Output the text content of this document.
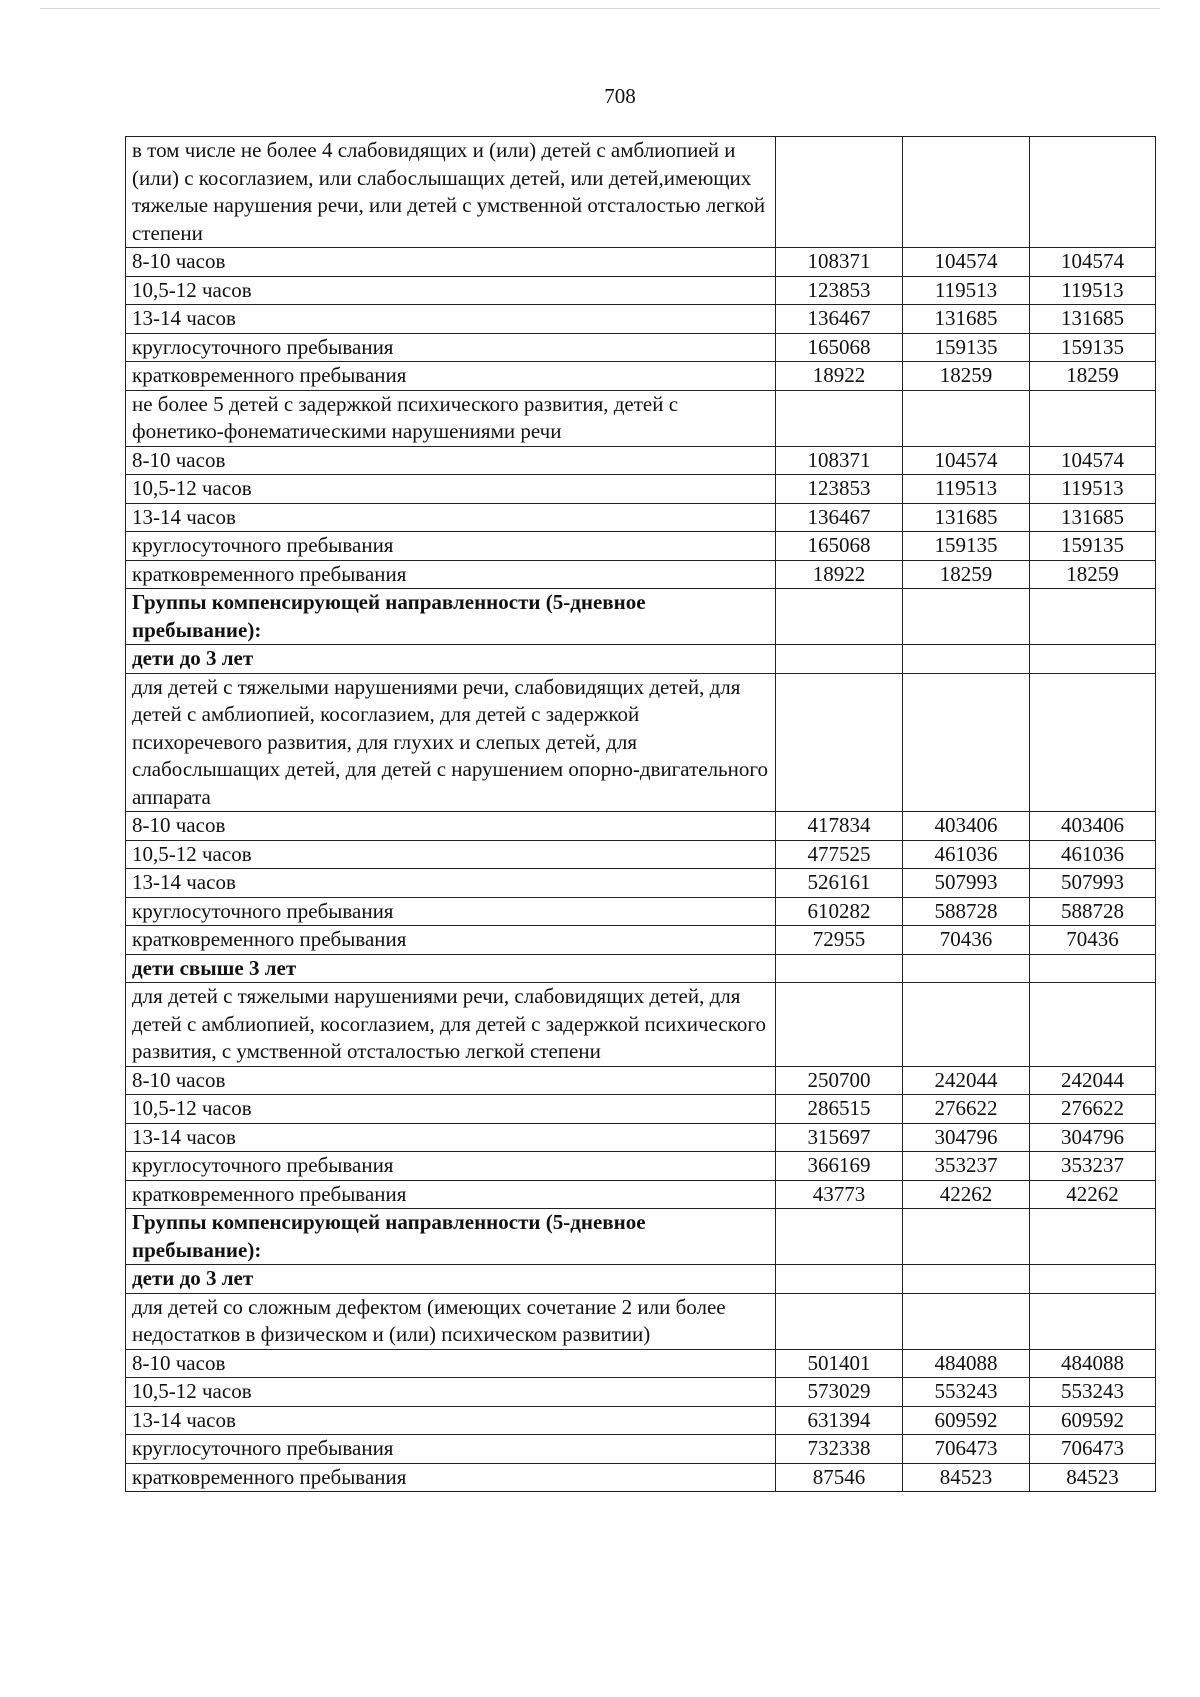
708
в том числе не более 4 слабовидящих и (или) детей с амблиопией и (или) с косоглазием, или слабослышащих детей, или детей,имеющих тяжелые нарушения речи, или детей с умственной отсталостью легкой степени			
8-10 часов	108371	104574	104574
10,5-12 часов	123853	119513	119513
13-14 часов	136467	131685	131685
круглосуточного пребывания	165068	159135	159135
кратковременного пребывания	18922	18259	18259
не более 5 детей с задержкой психического развития, детей с фонетико-фонематическими нарушениями речи			
8-10 часов	108371	104574	104574
10,5-12 часов	123853	119513	119513
13-14 часов	136467	131685	131685
круглосуточного пребывания	165068	159135	159135
кратковременного пребывания	18922	18259	18259
Группы компенсирующей направленности (5-дневное пребывание):			
дети до 3 лет			
для детей с тяжелыми нарушениями речи, слабовидящих детей, для детей с амблиопией, косоглазием, для детей с задержкой психоречевого развития, для глухих и слепых детей, для слабослышащих детей, для детей с нарушением опорно-двигательного аппарата			
8-10 часов	417834	403406	403406
10,5-12 часов	477525	461036	461036
13-14 часов	526161	507993	507993
круглосуточного пребывания	610282	588728	588728
кратковременного пребывания	72955	70436	70436
дети свыше 3 лет			
для детей с тяжелыми нарушениями речи, слабовидящих детей, для детей с амблиопией, косоглазием, для детей с задержкой психического развития, с умственной отсталостью легкой степени			
8-10 часов	250700	242044	242044
10,5-12 часов	286515	276622	276622
13-14 часов	315697	304796	304796
круглосуточного пребывания	366169	353237	353237
кратковременного пребывания	43773	42262	42262
Группы компенсирующей направленности (5-дневное пребывание):			
дети до 3 лет			
для детей со сложным дефектом (имеющих сочетание 2 или более недостатков в физическом и (или) психическом развитии)			
8-10 часов	501401	484088	484088
10,5-12 часов	573029	553243	553243
13-14 часов	631394	609592	609592
круглосуточного пребывания	732338	706473	706473
кратковременного пребывания	87546	84523	84523
